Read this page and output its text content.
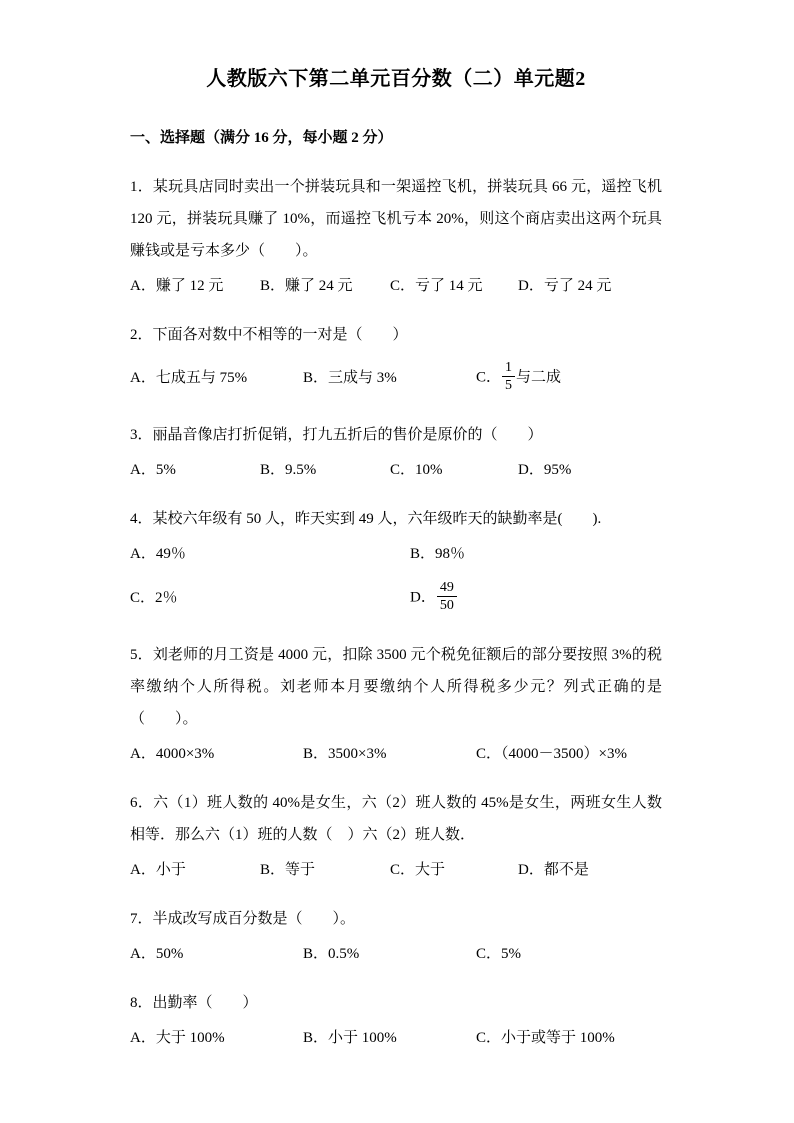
人教版六下第二单元百分数（二）单元题2
一、选择题（满分 16 分，每小题 2 分）

1．某玩具店同时卖出一个拼装玩具和一架遥控飞机，拼装玩具 66 元，遥控飞机 120 元，拼装玩具赚了 10%，而遥控飞机亏本 20%，则这个商店卖出这两个玩具赚钱或是亏本多少（　　）。

A．赚了 12 元	B．赚了 24 元	C．亏了 14 元	D．亏了 24 元

2．下面各对数中不相等的一对是（　　）

A．七成五与 75%	B．三成与 3%	C． $\frac{1}{5}$ 与二成

3．丽晶音像店打折促销，打九五折后的售价是原价的（　　）

A．5%	B．9.5%	C．10%	D．95%

4．某校六年级有 50 人，昨天实到 49 人，六年级昨天的缺勤率是(　　).

A．49％	B．98％
C．2％	D． $\frac{49}{50}$

5．刘老师的月工资是 4000 元，扣除 3500 元个税免征额后的部分要按照 3%的税率缴纳个人所得税。刘老师本月要缴纳个人所得税多少元？列式正确的是（　　）。

A．4000×3%	B．3500×3%	C．（4000－3500）×3%

6．六（1）班人数的 40%是女生，六（2）班人数的 45%是女生，两班女生人数相等．那么六（1）班的人数（　）六（2）班人数．

A．小于	B．等于	C．大于	D．都不是

7．半成改写成百分数是（　　）。

A．50%	B．0.5%	C．5%

8．出勤率（　　）

A．大于 100%	B．小于 100%	C．小于或等于 100%
